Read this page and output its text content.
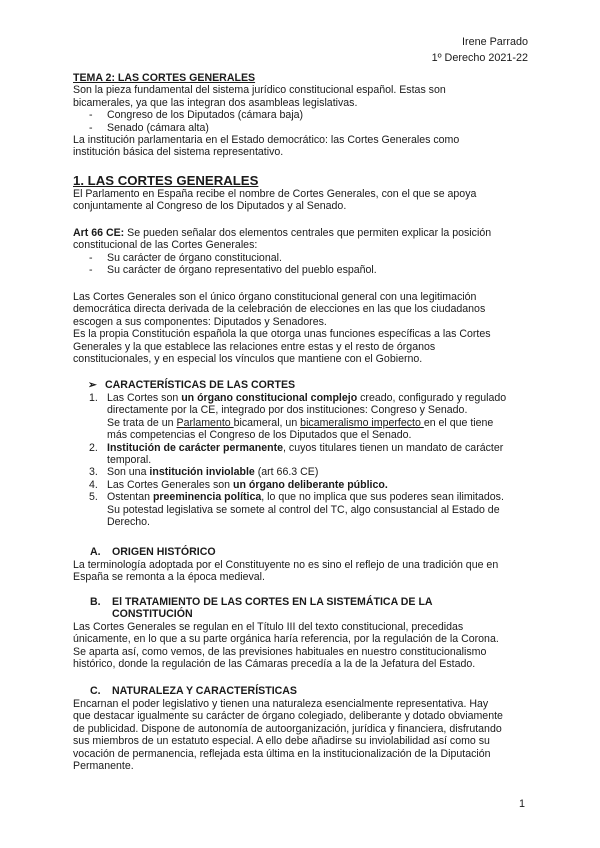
Irene Parrado
1º Derecho 2021-22

TEMA 2: LAS CORTES GENERALES

Son la pieza fundamental del sistema jurídico constitucional español. Estas son

bicamerales, ya que las integran dos asambleas legislativas.

- Congreso de los Diputados (cámara baja)
- Senado (cámara alta)

La institución parlamentaria en el Estado democrático: las Cortes Generales como

institución básica del sistema representativo.

1. LAS CORTES GENERALES

El Parlamento en España recibe el nombre de Cortes Generales, con el que se apoya

conjuntamente al Congreso de los Diputados y al Senado.

Art 66 CE: Se pueden señalar dos elementos centrales que permiten explicar la posición

constitucional de las Cortes Generales:

- Su carácter de órgano constitucional.
- Su carácter de órgano representativo del pueblo español.

Las Cortes Generales son el único órgano constitucional general con una legitimación

democrática directa derivada de la celebración de elecciones en las que los ciudadanos

escogen a sus componentes: Diputados y Senadores.

Es la propia Constitución española la que otorga unas funciones específicas a las Cortes

Generales y la que establece las relaciones entre estas y el resto de órganos

constitucionales, y en especial los vínculos que mantiene con el Gobierno.

➢ CARACTERÍSTICAS DE LAS CORTES
1. Las Cortes son un órgano constitucional complejo creado, configurado y regulado

directamente por la CE, integrado por dos instituciones: Congreso y Senado.

Se trata de un Parlamento bicameral, un bicameralismo imperfecto en el que tiene

más competencias el Congreso de los Diputados que el Senado.

2. Institución de carácter permanente, cuyos titulares tienen un mandato de carácter

temporal.

3. Son una institución inviolable (art 66.3 CE)

4. Las Cortes Generales son un órgano deliberante público.

5. Ostentan preeminencia política, lo que no implica que sus poderes sean ilimitados.

Su potestad legislativa se somete al control del TC, algo consustancial al Estado de

Derecho.

A. ORIGEN HISTÓRICO

La terminología adoptada por el Constituyente no es sino el reflejo de una tradición que en

España se remonta a la época medieval.

B. El TRATAMIENTO DE LAS CORTES EN LA SISTEMÁTICA DE LA

CONSTITUCIÓN

Las Cortes Generales se regulan en el Título III del texto constitucional, precedidas

únicamente, en lo que a su parte orgánica haría referencia, por la regulación de la Corona.

Se aparta así, como vemos, de las previsiones habituales en nuestro constitucionalismo

histórico, donde la regulación de las Cámaras precedía a la de la Jefatura del Estado.

C. NATURALEZA Y CARACTERÍSTICAS

Encarnan el poder legislativo y tienen una naturaleza esencialmente representativa. Hay

que destacar igualmente su carácter de órgano colegiado, deliberante y dotado obviamente

de publicidad. Dispone de autonomía de autoorganización, jurídica y financiera, disfrutando

sus miembros de un estatuto especial. A ello debe añadirse su inviolabilidad así como su

vocación de permanencia, reflejada esta última en la institucionalización de la Diputación

Permanente.

1
